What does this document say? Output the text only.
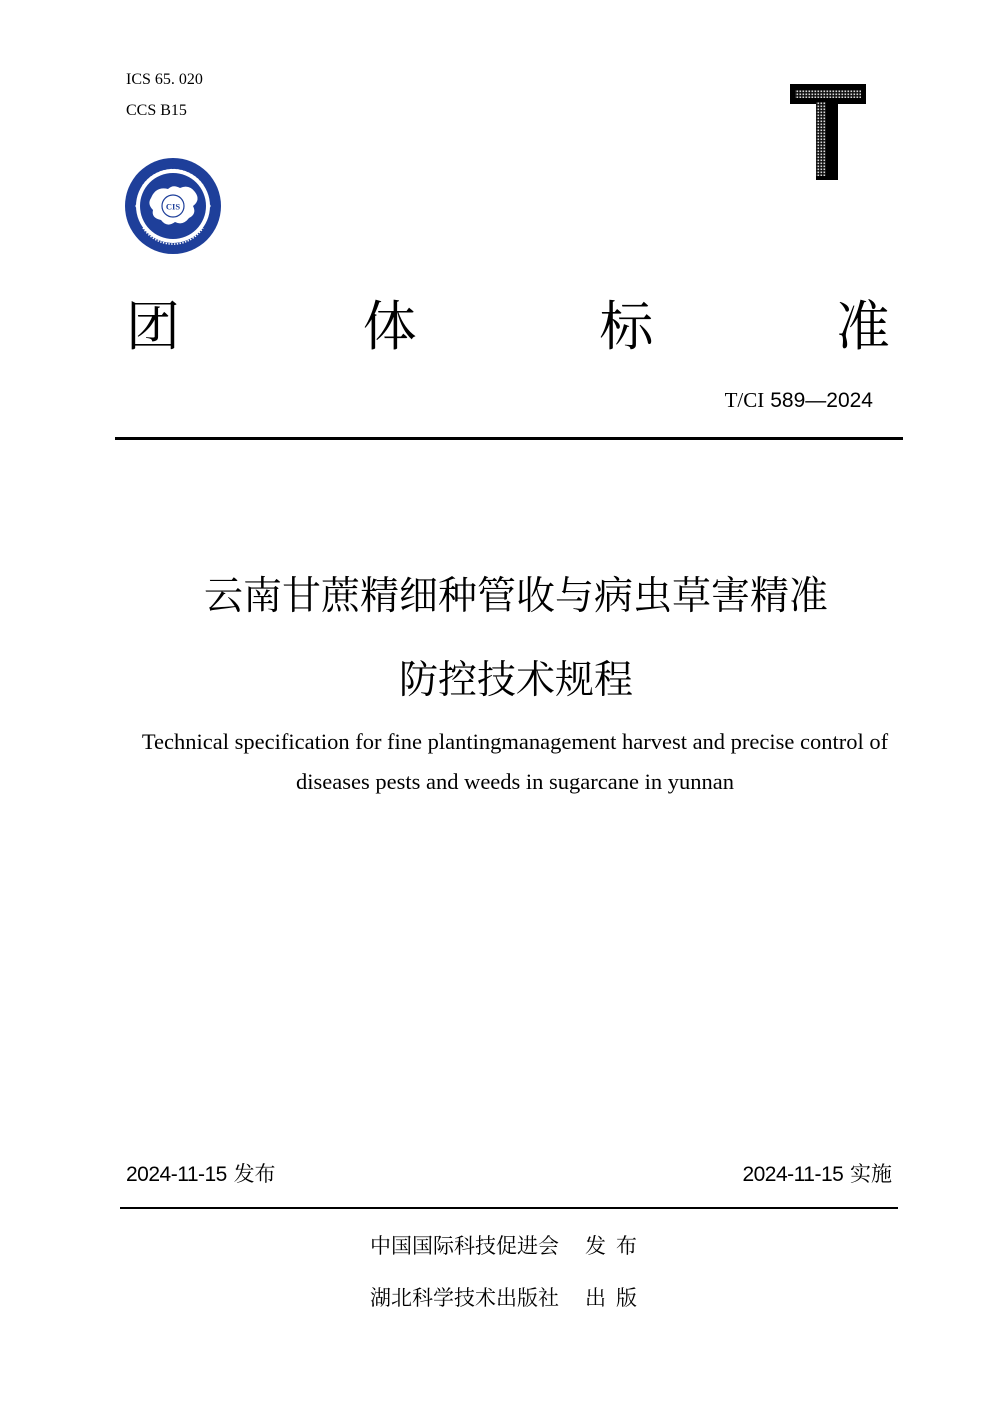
ICS 65. 020
CCS B15
CIS
团	体	标	准
T/CI 589—2024
云南甘蔗精细种管收与病虫草害精准
防控技术规程
Technical specification for fine plantingmanagement harvest and precise control of
diseases pests and weeds in sugarcane in yunnan
2024-11-15 发布	2024-11-15 实施
中国国际科技促进会 发布
湖北科学技术出版社 出版
